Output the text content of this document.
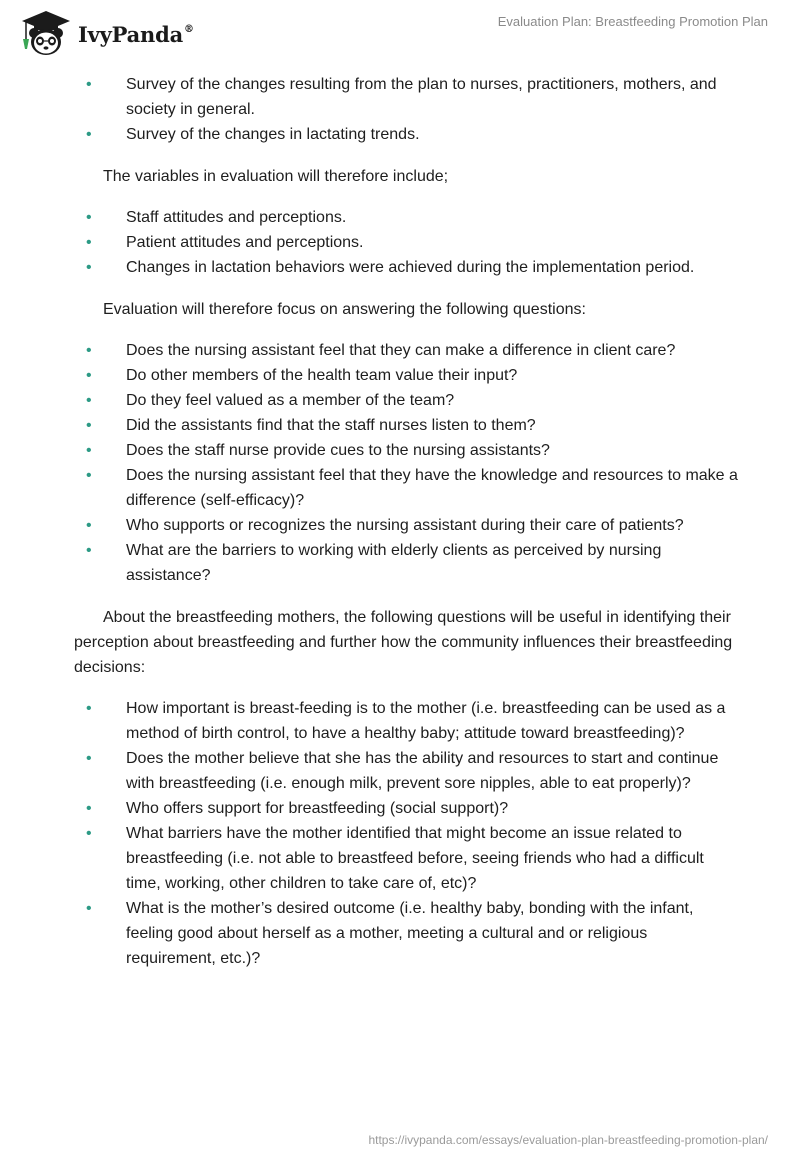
IvyPanda®	Evaluation Plan: Breastfeeding Promotion Plan
• Survey of the changes resulting from the plan to nurses, practitioners, mothers, and society in general.
• Survey of the changes in lactating trends.

The variables in evaluation will therefore include;

• Staff attitudes and perceptions.
• Patient attitudes and perceptions.
• Changes in lactation behaviors were achieved during the implementation period.

Evaluation will therefore focus on answering the following questions:

• Does the nursing assistant feel that they can make a difference in client care?
• Do other members of the health team value their input?
• Do they feel valued as a member of the team?
• Did the assistants find that the staff nurses listen to them?
• Does the staff nurse provide cues to the nursing assistants?
• Does the nursing assistant feel that they have the knowledge and resources to make a difference (self-efficacy)?
• Who supports or recognizes the nursing assistant during their care of patients?
• What are the barriers to working with elderly clients as perceived by nursing assistance?

About the breastfeeding mothers, the following questions will be useful in identifying their perception about breastfeeding and further how the community influences their breastfeeding decisions:

• How important is breast-feeding is to the mother (i.e. breastfeeding can be used as a method of birth control, to have a healthy baby; attitude toward breastfeeding)?
• Does the mother believe that she has the ability and resources to start and continue with breastfeeding (i.e. enough milk, prevent sore nipples, able to eat properly)?
• Who offers support for breastfeeding (social support)?
• What barriers have the mother identified that might become an issue related to breastfeeding (i.e. not able to breastfeed before, seeing friends who had a difficult time, working, other children to take care of, etc)?
• What is the mother’s desired outcome (i.e. healthy baby, bonding with the infant, feeling good about herself as a mother, meeting a cultural and or religious requirement, etc.)?
https://ivypanda.com/essays/evaluation-plan-breastfeeding-promotion-plan/
